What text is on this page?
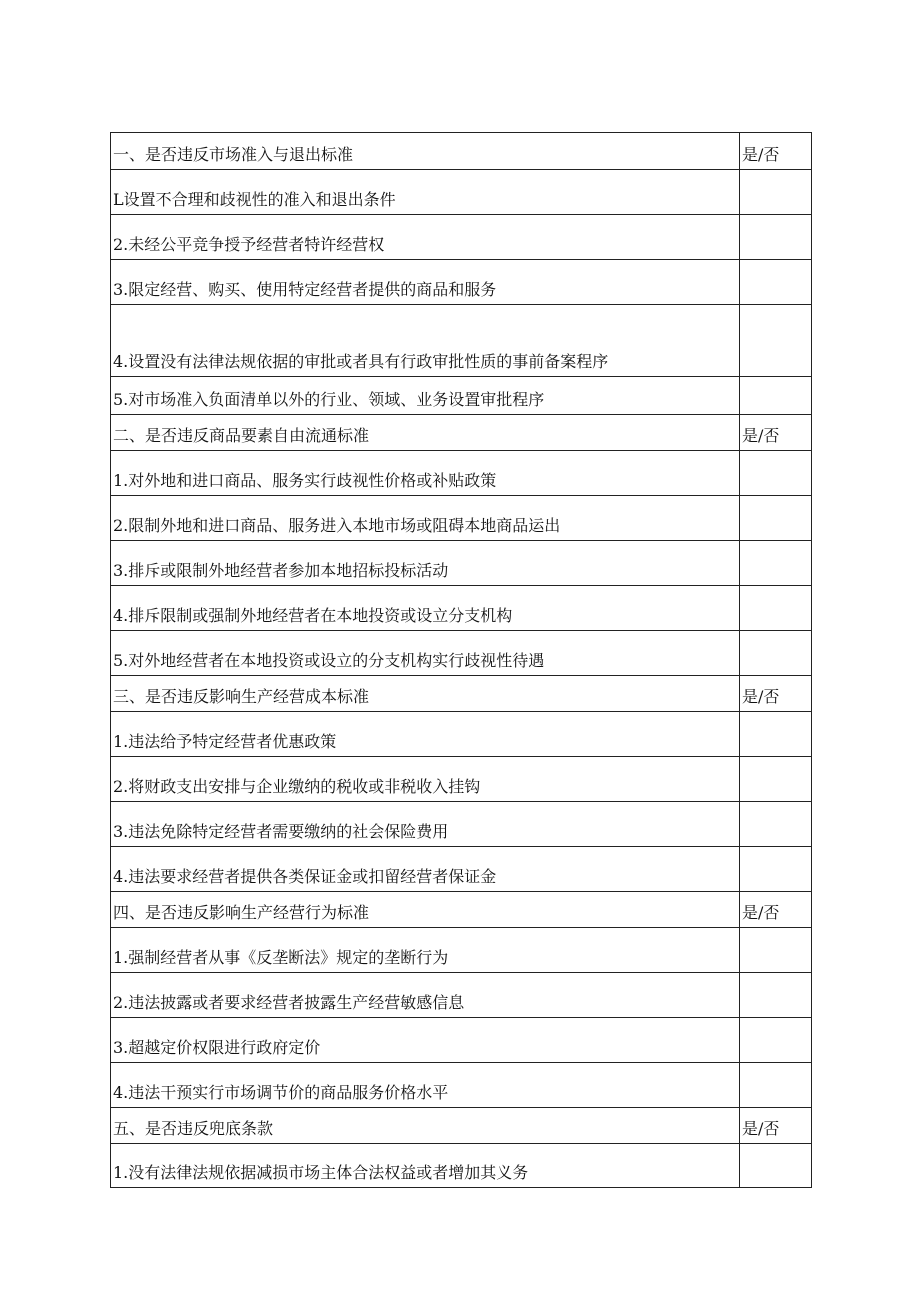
一、是否违反市场准入与退出标准	是/否
L设置不合理和歧视性的准入和退出条件
2.未经公平竞争授予经营者特许经营权
3.限定经营、购买、使用特定经营者提供的商品和服务
4.设置没有法律法规依据的审批或者具有行政审批性质的事前备案程序
5.对市场准入负面清单以外的行业、领域、业务设置审批程序
二、是否违反商品要素自由流通标准	是/否
1.对外地和进口商品、服务实行歧视性价格或补贴政策
2.限制外地和进口商品、服务进入本地市场或阻碍本地商品运出
3.排斥或限制外地经营者参加本地招标投标活动
4.排斥限制或强制外地经营者在本地投资或设立分支机构
5.对外地经营者在本地投资或设立的分支机构实行歧视性待遇
三、是否违反影响生产经营成本标准	是/否
1.违法给予特定经营者优惠政策
2.将财政支出安排与企业缴纳的税收或非税收入挂钩
3.违法免除特定经营者需要缴纳的社会保险费用
4.违法要求经营者提供各类保证金或扣留经营者保证金
四、是否违反影响生产经营行为标准	是/否
1.强制经营者从事《反垄断法》规定的垄断行为
2.违法披露或者要求经营者披露生产经营敏感信息
3.超越定价权限进行政府定价
4.违法干预实行市场调节价的商品服务价格水平
五、是否违反兜底条款	是/否
1.没有法律法规依据减损市场主体合法权益或者增加其义务
